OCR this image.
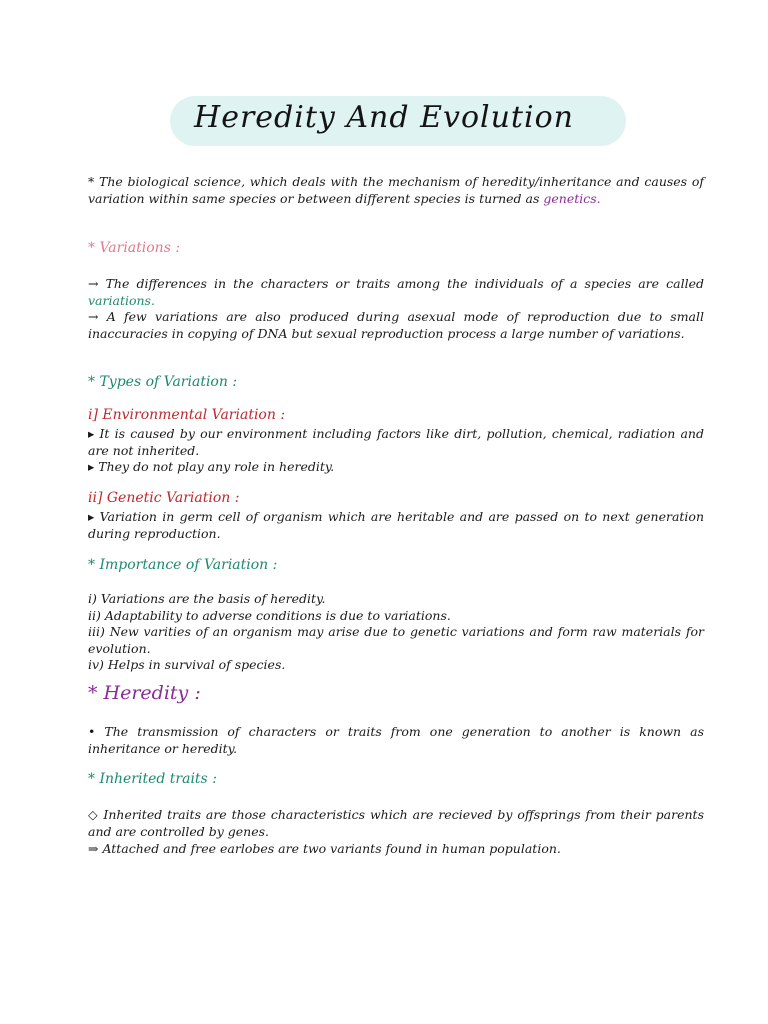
Heredity And Evolution
* The biological science, which deals with the mechanism of heredity/inheritance and causes of variation within same species or between different species is turned as genetics.
* Variations :
→ The differences in the characters or traits among the individuals of a species are called variations.
→ A few variations are also produced during asexual mode of reproduction due to small inaccuracies in copying of DNA but sexual reproduction process a large number of variations.
* Types of Variation :
i] Environmental Variation :
▸ It is caused by our environment including factors like dirt, pollution, chemical, radiation and are not inherited.
▸ They do not play any role in heredity.
ii] Genetic Variation :
▸ Variation in germ cell of organism which are heritable and are passed on to next generation during reproduction.
* Importance of Variation :
i) Variations are the basis of heredity.
ii) Adaptability to adverse conditions is due to variations.
iii) New varities of an organism may arise due to genetic variations and form raw materials for evolution.
iv) Helps in survival of species.
* Heredity :
• The transmission of characters or traits from one generation to another is known as inheritance or heredity.
* Inherited traits :
◇ Inherited traits are those characteristics which are recieved by offsprings from their parents and are controlled by genes.
⇒ Attached and free earlobes are two variants found in human population.
